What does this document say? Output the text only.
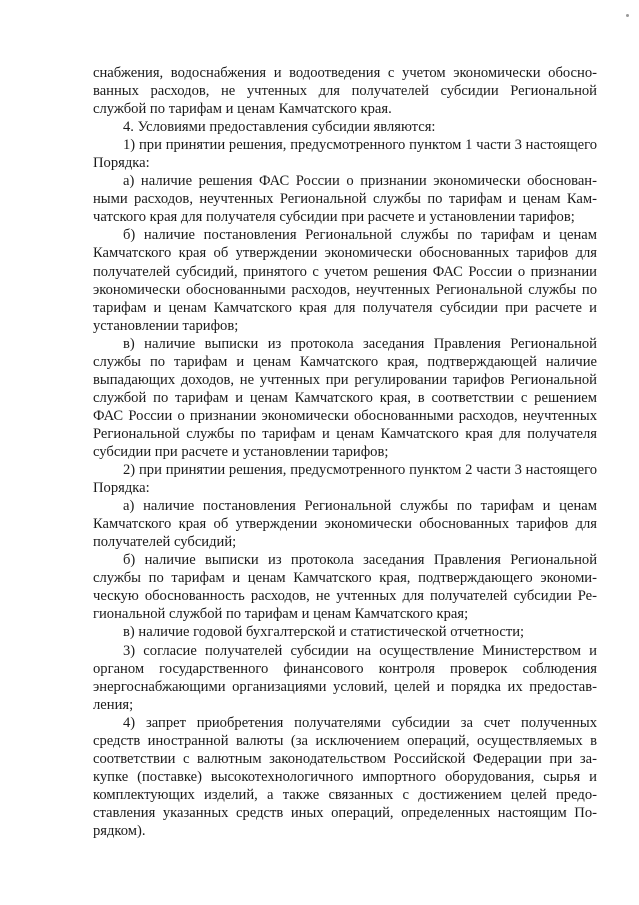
снабжения, водоснабжения и водоотведения с учетом экономически обоснованных расходов, не учтенных для получателей субсидии Региональной службой по тарифам и ценам Камчатского края.

4. Условиями предоставления субсидии являются:

1) при принятии решения, предусмотренного пунктом 1 части 3 настоящего Порядка:

а) наличие решения ФАС России о признании экономически обоснованными расходов, неучтенных Региональной службы по тарифам и ценам Камчатского края для получателя субсидии при расчете и установлении тарифов;

б) наличие постановления Региональной службы по тарифам и ценам Камчатского края об утверждении экономически обоснованных тарифов для получателей субсидий, принятого с учетом решения ФАС России о признании экономически обоснованными расходов, неучтенных Региональной службы по тарифам и ценам Камчатского края для получателя субсидии при расчете и установлении тарифов;

в) наличие выписки из протокола заседания Правления Региональной службы по тарифам и ценам Камчатского края, подтверждающей наличие выпадающих доходов, не учтенных при регулировании тарифов Региональной службой по тарифам и ценам Камчатского края, в соответствии с решением ФАС России о признании экономически обоснованными расходов, неучтенных Региональной службы по тарифам и ценам Камчатского края для получателя субсидии при расчете и установлении тарифов;

2) при принятии решения, предусмотренного пунктом 2 части 3 настоящего Порядка:

а) наличие постановления Региональной службы по тарифам и ценам Камчатского края об утверждении экономически обоснованных тарифов для получателей субсидий;

б) наличие выписки из протокола заседания Правления Региональной службы по тарифам и ценам Камчатского края, подтверждающего экономическую обоснованность расходов, не учтенных для получателей субсидии Региональной службой по тарифам и ценам Камчатского края;

в) наличие годовой бухгалтерской и статистической отчетности;

3) согласие получателей субсидии на осуществление Министерством и органом государственного финансового контроля проверок соблюдения энергоснабжающими организациями условий, целей и порядка их предоставления;

4) запрет приобретения получателями субсидии за счет полученных средств иностранной валюты (за исключением операций, осуществляемых в соответствии с валютным законодательством Российской Федерации при закупке (поставке) высокотехнологичного импортного оборудования, сырья и комплектующих изделий, а также связанных с достижением целей предоставления указанных средств иных операций, определенных настоящим Порядком).
